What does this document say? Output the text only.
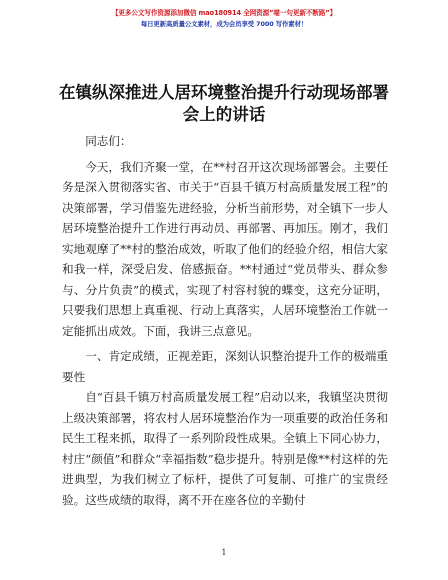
【更多公文写作资源添加微信 mao180914 全网资源”喵一句更新不断路”】
每日更新高质量公文素材，成为会员享受 7000 写作素材！
在镇纵深推进人居环境整治提升行动现场部署会上的讲话

同志们：

今天，我们齐聚一堂，在**村召开这次现场部署会。主要任务是深入贯彻落实省、市关于“百县千镇万村高质量发展工程”的决策部署，学习借鉴先进经验，分析当前形势，对全镇下一步人居环境整治提升工作进行再动员、再部署、再加压。刚才，我们实地观摩了**村的整治成效，听取了他们的经验介绍，相信大家和我一样，深受启发、倍感振奋。**村通过“党员带头、群众参与、分片负责”的模式，实现了村容村貌的蝶变，这充分证明，只要我们思想上真重视、行动上真落实，人居环境整治工作就一定能抓出成效。下面，我讲三点意见。

一、肯定成绩，正视差距，深刻认识整治提升工作的极端重要性

自“百县千镇万村高质量发展工程”启动以来，我镇坚决贯彻上级决策部署，将农村人居环境整治作为一项重要的政治任务和民生工程来抓，取得了一系列阶段性成果。全镇上下同心协力，村庄“颜值”和群众“幸福指数”稳步提升。特别是像**村这样的先进典型，为我们树立了标杆，提供了可复制、可推广的宝贵经验。这些成绩的取得，离不开在座各位的辛勤付

1
